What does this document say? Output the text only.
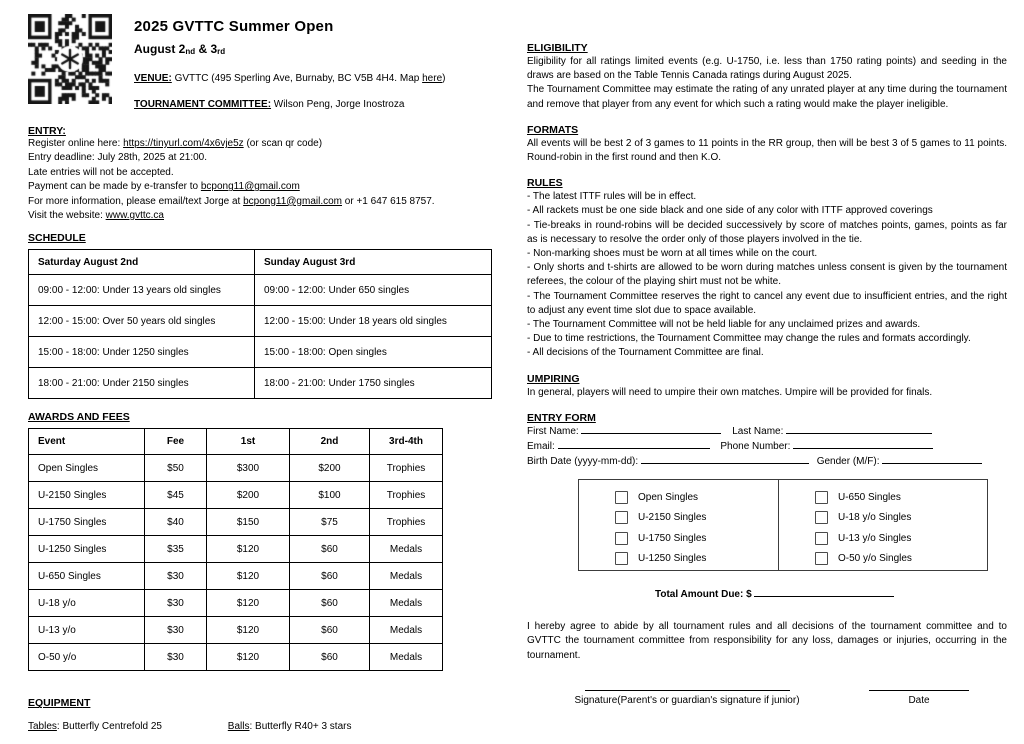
2025 GVTTC Summer Open
August 2nd & 3rd
VENUE: GVTTC (495 Sperling Ave, Burnaby, BC V5B 4H4. Map here)
TOURNAMENT COMMITTEE: Wilson Peng, Jorge Inostroza
ENTRY:
Register online here: https://tinyurl.com/4x6vje5z (or scan qr code)
Entry deadline: July 28th, 2025 at 21:00.
Late entries will not be accepted.
Payment can be made by e-transfer to bcpong11@gmail.com
For more information, please email/text Jorge at bcpong11@gmail.com or +1 647 615 8757.
Visit the website: www.gvttc.ca
SCHEDULE
Saturday August 2nd	Sunday August 3rd
09:00 - 12:00: Under 13 years old singles	09:00 - 12:00: Under 650 singles
12:00 - 15:00: Over 50 years old singles	12:00 - 15:00: Under 18 years old singles
15:00 - 18:00: Under 1250 singles	15:00 - 18:00: Open singles
18:00 - 21:00: Under 2150 singles	18:00 - 21:00: Under 1750 singles
AWARDS AND FEES
Event	Fee	1st	2nd	3rd-4th
Open Singles	$50	$300	$200	Trophies
U-2150 Singles	$45	$200	$100	Trophies
U-1750 Singles	$40	$150	$75	Trophies
U-1250 Singles	$35	$120	$60	Medals
U-650 Singles	$30	$120	$60	Medals
U-18 y/o	$30	$120	$60	Medals
U-13 y/o	$30	$120	$60	Medals
O-50 y/o	$30	$120	$60	Medals
EQUIPMENT
Tables: Butterfly Centrefold 25	Balls: Butterfly R40+ 3 stars
ELIGIBILITY
Eligibility for all ratings limited events (e.g. U-1750, i.e. less than 1750 rating points) and seeding in the draws are based on the Table Tennis Canada ratings during August 2025.
The Tournament Committee may estimate the rating of any unrated player at any time during the tournament and remove that player from any event for which such a rating would make the player ineligible.
FORMATS
All events will be best 2 of 3 games to 11 points in the RR group, then will be best 3 of 5 games to 11 points. Round-robin in the first round and then K.O.
RULES
- The latest ITTF rules will be in effect.
- All rackets must be one side black and one side of any color with ITTF approved coverings
- Tie-breaks in round-robins will be decided successively by score of matches points, games, points as far as is necessary to resolve the order only of those players involved in the tie.
- Non-marking shoes must be worn at all times while on the court.
- Only shorts and t-shirts are allowed to be worn during matches unless consent is given by the tournament referees, the colour of the playing shirt must not be white.
- The Tournament Committee reserves the right to cancel any event due to insufficient entries, and the right to adjust any event time slot due to space available.
- The Tournament Committee will not be held liable for any unclaimed prizes and awards.
- Due to time restrictions, the Tournament Committee may change the rules and formats accordingly.
- All decisions of the Tournament Committee are final.
UMPIRING
In general, players will need to umpire their own matches. Umpire will be provided for finals.
ENTRY FORM
First Name:	Last Name:
Email:	Phone Number:
Birth Date (yyyy-mm-dd):	Gender (M/F):
Open Singles
U-2150 Singles
U-1750 Singles
U-1250 Singles
U-650 Singles
U-18 y/o Singles
U-13 y/o Singles
O-50 y/o Singles
Total Amount Due: $
I hereby agree to abide by all tournament rules and all decisions of the tournament committee and to GVTTC the tournament committee from responsibility for any loss, damages or injuries, occurring in the tournament.
Signature(Parent's or guardian's signature if junior)	Date
